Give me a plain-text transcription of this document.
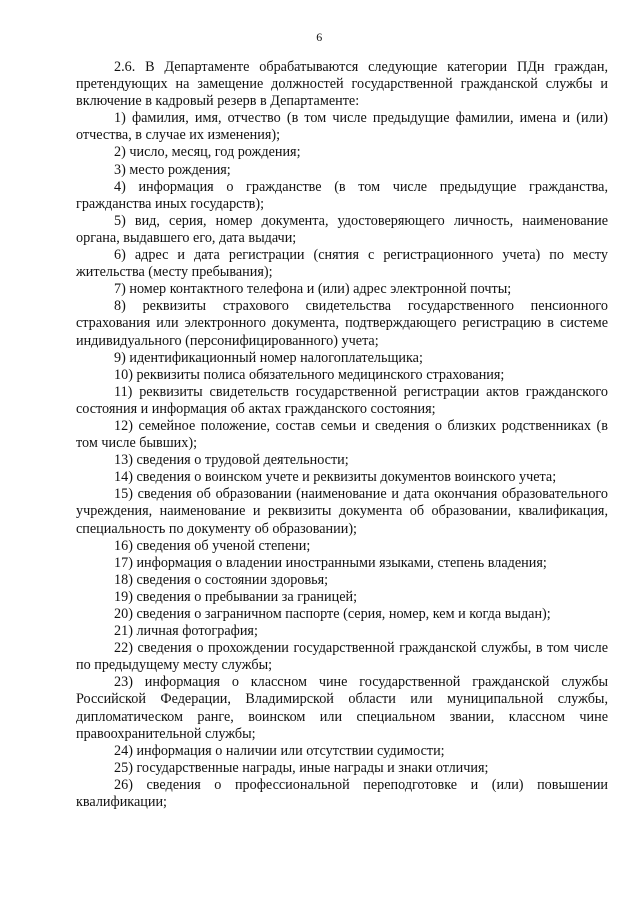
6

2.6. В Департаменте обрабатываются следующие категории ПДн граждан, претендующих на замещение должностей государственной гражданской службы и включение в кадровый резерв в Департаменте:

1) фамилия, имя, отчество (в том числе предыдущие фамилии, имена и (или) отчества, в случае их изменения);

2) число, месяц, год рождения;

3) место рождения;

4) информация о гражданстве (в том числе предыдущие гражданства, гражданства иных государств);

5) вид, серия, номер документа, удостоверяющего личность, наименование органа, выдавшего его, дата выдачи;

6) адрес и дата регистрации (снятия с регистрационного учета) по месту жительства (месту пребывания);

7) номер контактного телефона и (или) адрес электронной почты;

8) реквизиты страхового свидетельства государственного пенсионного страхования или электронного документа, подтверждающего регистрацию в системе индивидуального (персонифицированного) учета;

9) идентификационный номер налогоплательщика;

10) реквизиты полиса обязательного медицинского страхования;

11) реквизиты свидетельств государственной регистрации актов гражданского состояния и информация об актах гражданского состояния;

12) семейное положение, состав семьи и сведения о близких родственниках (в том числе бывших);

13) сведения о трудовой деятельности;

14) сведения о воинском учете и реквизиты документов воинского учета;

15) сведения об образовании (наименование и дата окончания образовательного учреждения, наименование и реквизиты документа об образовании, квалификация, специальность по документу об образовании);

16) сведения об ученой степени;

17) информация о владении иностранными языками, степень владения;

18) сведения о состоянии здоровья;

19) сведения о пребывании за границей;

20) сведения о заграничном паспорте (серия, номер, кем и когда выдан);

21) личная фотография;

22) сведения о прохождении государственной гражданской службы, в том числе по предыдущему месту службы;

23) информация о классном чине государственной гражданской службы Российской Федерации, Владимирской области или муниципальной службы, дипломатическом ранге, воинском или специальном звании, классном чине правоохранительной службы;

24) информация о наличии или отсутствии судимости;

25) государственные награды, иные награды и знаки отличия;

26) сведения о профессиональной переподготовке и (или) повышении квалификации;
